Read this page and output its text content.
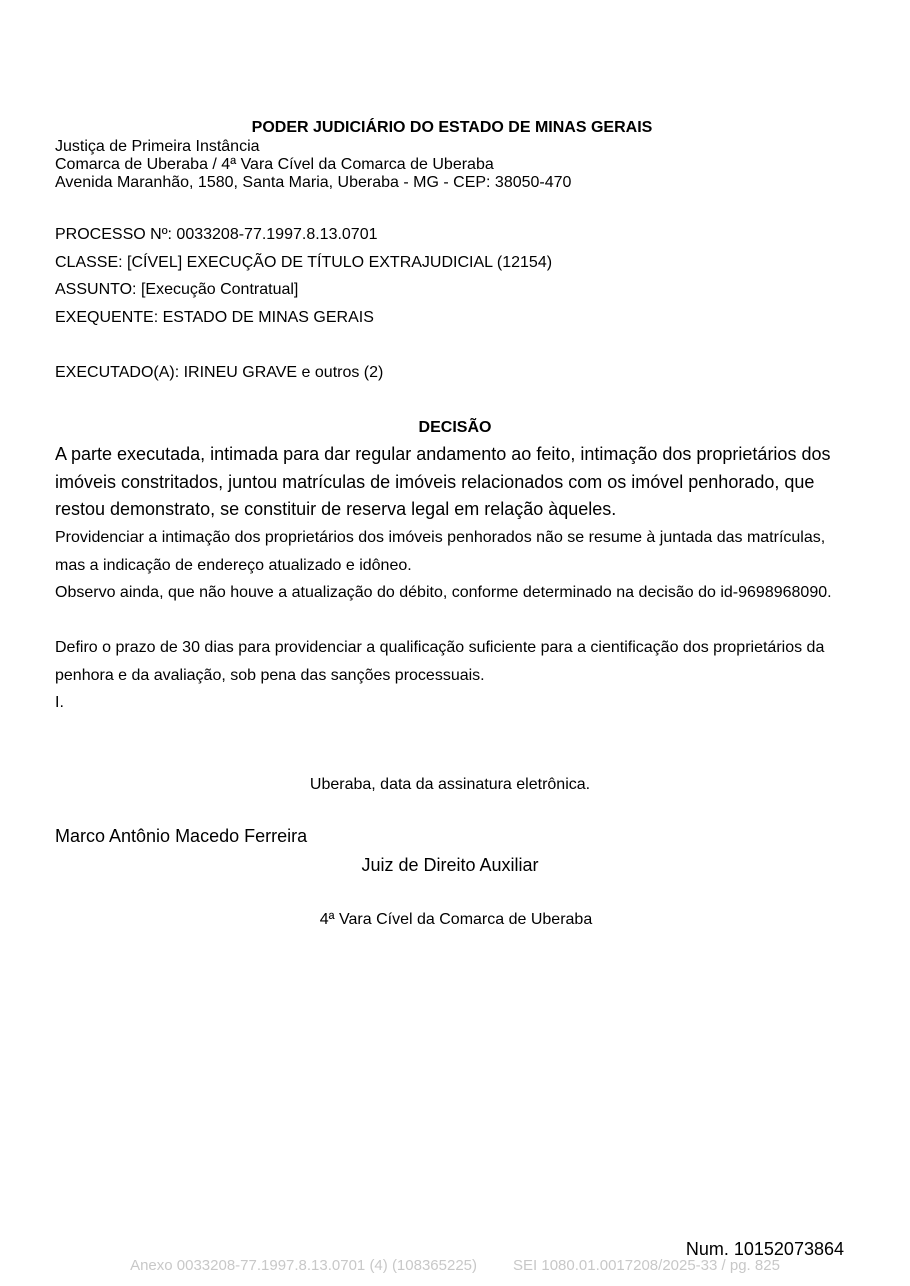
PODER JUDICIÁRIO DO ESTADO DE MINAS GERAIS
Justiça de Primeira Instância
Comarca de Uberaba / 4ª Vara Cível da Comarca de Uberaba
Avenida Maranhão, 1580, Santa Maria, Uberaba - MG - CEP: 38050-470
PROCESSO Nº: 0033208-77.1997.8.13.0701
CLASSE: [CÍVEL] EXECUÇÃO DE TÍTULO EXTRAJUDICIAL (12154)
ASSUNTO: [Execução Contratual]
EXEQUENTE: ESTADO DE MINAS GERAIS
EXECUTADO(A): IRINEU GRAVE e outros (2)
DECISÃO
A parte executada, intimada para dar regular andamento ao feito, intimação dos proprietários dos imóveis constritados, juntou matrículas de imóveis relacionados com os imóvel penhorado, que restou demonstrato, se constituir de reserva legal em relação àqueles.
Providenciar a intimação dos proprietários dos imóveis penhorados não se resume à juntada das matrículas, mas a indicação de endereço atualizado e idôneo.
Observo ainda, que não houve a atualização do débito, conforme determinado na decisão do id-9698968090.
Defiro o prazo de 30 dias para providenciar a qualificação suficiente para a cientificação dos proprietários da penhora e da avaliação, sob pena das sanções processuais.
I.
Uberaba, data da assinatura eletrônica.
Marco Antônio Macedo Ferreira
Juiz de Direito Auxiliar
4ª Vara Cível da Comarca de Uberaba
Num. 10152073864
Anexo 0033208-77.1997.8.13.0701 (4) (108365225) SEI 1080.01.0017208/2025-33 / pg. 825
